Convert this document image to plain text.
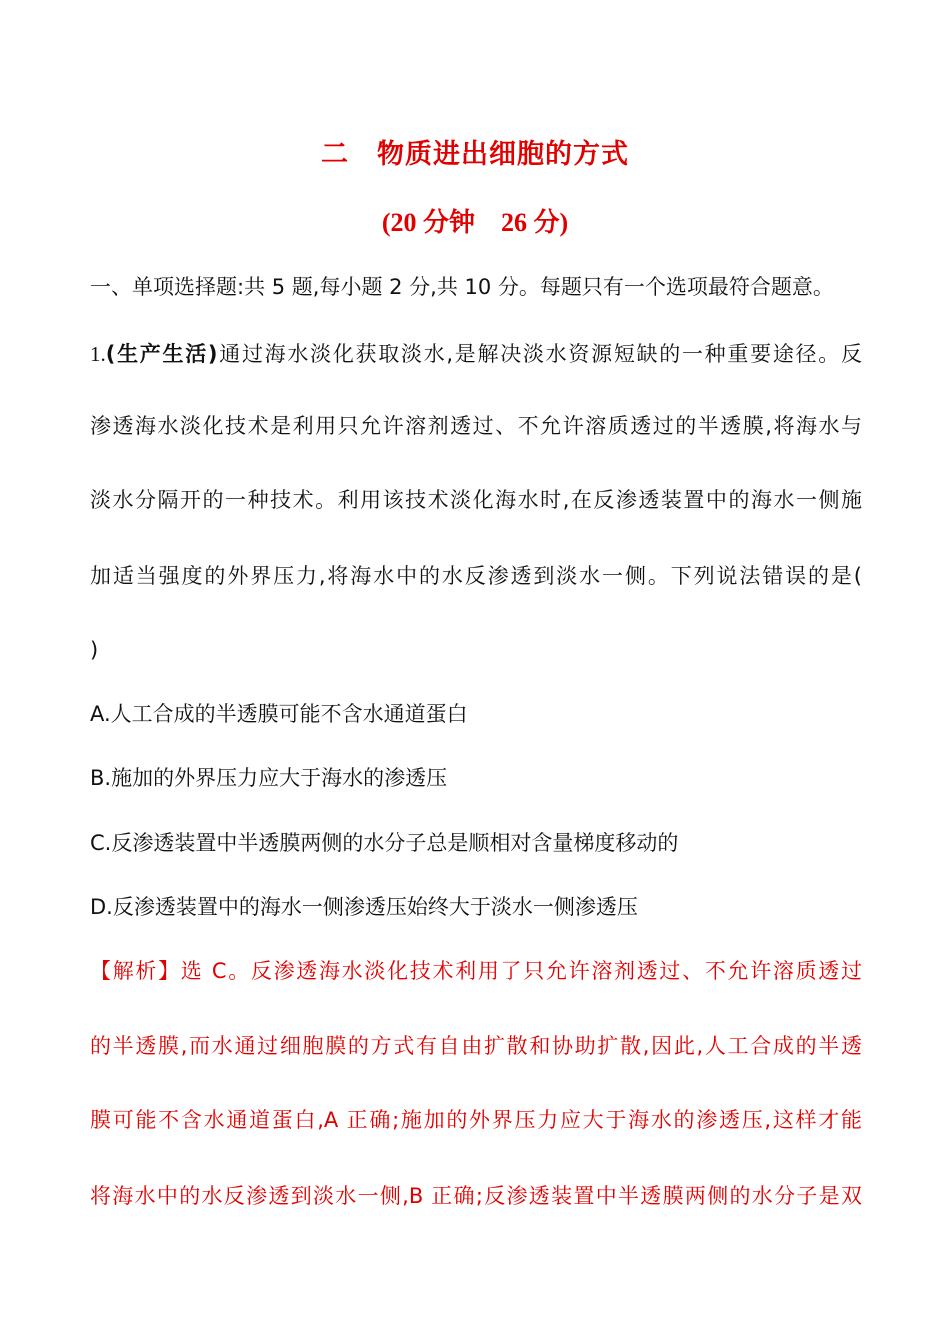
二　物质进出细胞的方式
(20 分钟　26 分)
一、单项选择题:共 5 题,每小题 2 分,共 10 分。每题只有一个选项最符合题意。
1.(生产生活)通过海水淡化获取淡水,是解决淡水资源短缺的一种重要途径。反
渗透海水淡化技术是利用只允许溶剂透过、不允许溶质透过的半透膜,将海水与
淡水分隔开的一种技术。利用该技术淡化海水时,在反渗透装置中的海水一侧施
加适当强度的外界压力,将海水中的水反渗透到淡水一侧。下列说法错误的是(
)
A.人工合成的半透膜可能不含水通道蛋白
B.施加的外界压力应大于海水的渗透压
C.反渗透装置中半透膜两侧的水分子总是顺相对含量梯度移动的
D.反渗透装置中的海水一侧渗透压始终大于淡水一侧渗透压
【解析】选 C。反渗透海水淡化技术利用了只允许溶剂透过、不允许溶质透过
的半透膜,而水通过细胞膜的方式有自由扩散和协助扩散,因此,人工合成的半透
膜可能不含水通道蛋白,A 正确;施加的外界压力应大于海水的渗透压,这样才能
将海水中的水反渗透到淡水一侧,B 正确;反渗透装置中半透膜两侧的水分子是双
